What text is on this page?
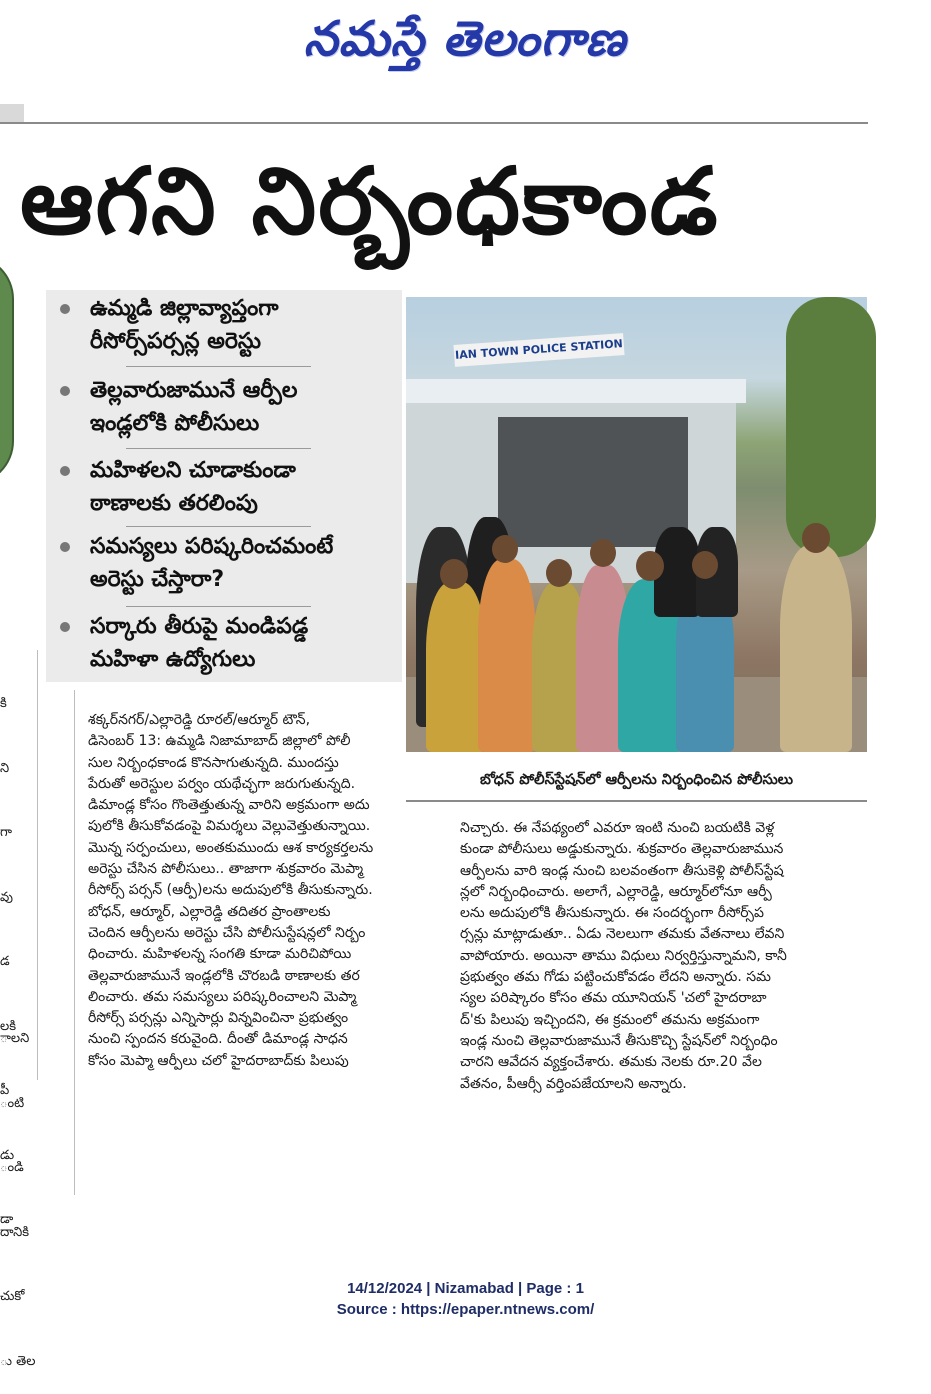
నమస్తే తెలంగాణ

కి

ని

గా

వు

డ

లకి

పీ

డు

డా

ాలని

ంటి

ండి

దానికి

చుకో

ు తెల

ఆగని నిర్బంధకాండ
ఉమ్మడి జిల్లావ్యాప్తంగా
రీసోర్స్‌పర్సన్ల అరెస్టు
తెల్లవారుజామునే ఆర్పీల
ఇండ్లలోకి పోలీసులు
మహిళలని చూడాకుండా
ఠాణాలకు తరలింపు
సమస్యలు పరిష్కరించమంటే
అరెస్టు చేస్తారా?
సర్కారు తీరుపై మండిపడ్డ
మహిళా ఉద్యోగులు
IAN TOWN POLICE STATION
బోధన్ పోలీస్‌స్టేషన్‌లో ఆర్పీలను నిర్బంధించిన పోలీసులు
శక్కర్‌నగర్/ఎల్లారెడ్డి రూరల్/ఆర్మూర్ టౌన్,
డిసెంబర్ 13: ఉమ్మడి నిజామాబాద్ జిల్లాలో పోలీ
సుల నిర్బంధకాండ కొనసాగుతున్నది. ముందస్తు
పేరుతో అరెస్టుల పర్వం యథేచ్ఛగా జరుగుతున్నది.
డిమాండ్ల కోసం గొంతెత్తుతున్న వారిని అక్రమంగా అదు
పులోకి తీసుకోవడంపై విమర్శలు వెల్లువెత్తుతున్నాయి.
మొన్న సర్పంచులు, అంతకుముందు ఆశ కార్యకర్తలను
అరెస్టు చేసిన పోలీసులు.. తాజాగా శుక్రవారం మెప్మా
రీసోర్స్ పర్సన్ (ఆర్పీ)లను అదుపులోకి తీసుకున్నారు.
బోధన్, ఆర్మూర్, ఎల్లారెడ్డి తదితర ప్రాంతాలకు
చెందిన ఆర్పీలను అరెస్టు చేసి పోలీసుస్టేషన్లలో నిర్బం
ధించారు. మహిళలన్న సంగతి కూడా మరిచిపోయి
తెల్లవారుజామునే ఇండ్లలోకి చొరబడి ఠాణాలకు తర
లించారు. తమ సమస్యలు పరిష్కరించాలని మెప్మా
రీసోర్స్ పర్సన్లు ఎన్నిసార్లు విన్నవించినా ప్రభుత్వం
నుంచి స్పందన కరువైంది. దీంతో డిమాండ్ల సాధన
కోసం మెప్మా ఆర్పీలు చలో హైదరాబాద్‌కు పిలుపు
నిచ్చారు. ఈ నేపథ్యంలో ఎవరూ ఇంటి నుంచి బయటికి వెళ్ల
కుండా పోలీసులు అడ్డుకున్నారు. శుక్రవారం తెల్లవారుజామున
ఆర్పీలను వారి ఇండ్ల నుంచి బలవంతంగా తీసుకెళ్లి పోలీస్‌స్టేష
న్లలో నిర్బంధించారు. అలాగే, ఎల్లారెడ్డి, ఆర్మూర్‌లోనూ ఆర్పీ
లను అదుపులోకి తీసుకున్నారు. ఈ సందర్భంగా రీసోర్స్‌ప
ర్సన్లు మాట్లాడుతూ.. ఏడు నెలలుగా తమకు వేతనాలు లేవని
వాపోయారు. అయినా తాము విధులు నిర్వర్తిస్తున్నామని, కానీ
ప్రభుత్వం తమ గోడు పట్టించుకోవడం లేదని అన్నారు. సమ
స్యల పరిష్కారం కోసం తమ యూనియన్ 'చలో హైదరాబా
ద్'కు పిలుపు ఇచ్చిందని, ఈ క్రమంలో తమను అక్రమంగా
ఇండ్ల నుంచి తెల్లవారుజామునే తీసుకొచ్చి స్టేషన్‌లో నిర్బంధిం
చారని ఆవేదన వ్యక్తంచేశారు. తమకు నెలకు రూ.20 వేల
వేతనం, పీఆర్సీ వర్తింపజేయాలని అన్నారు.
14/12/2024 | Nizamabad | Page : 1
Source : https://epaper.ntnews.com/
